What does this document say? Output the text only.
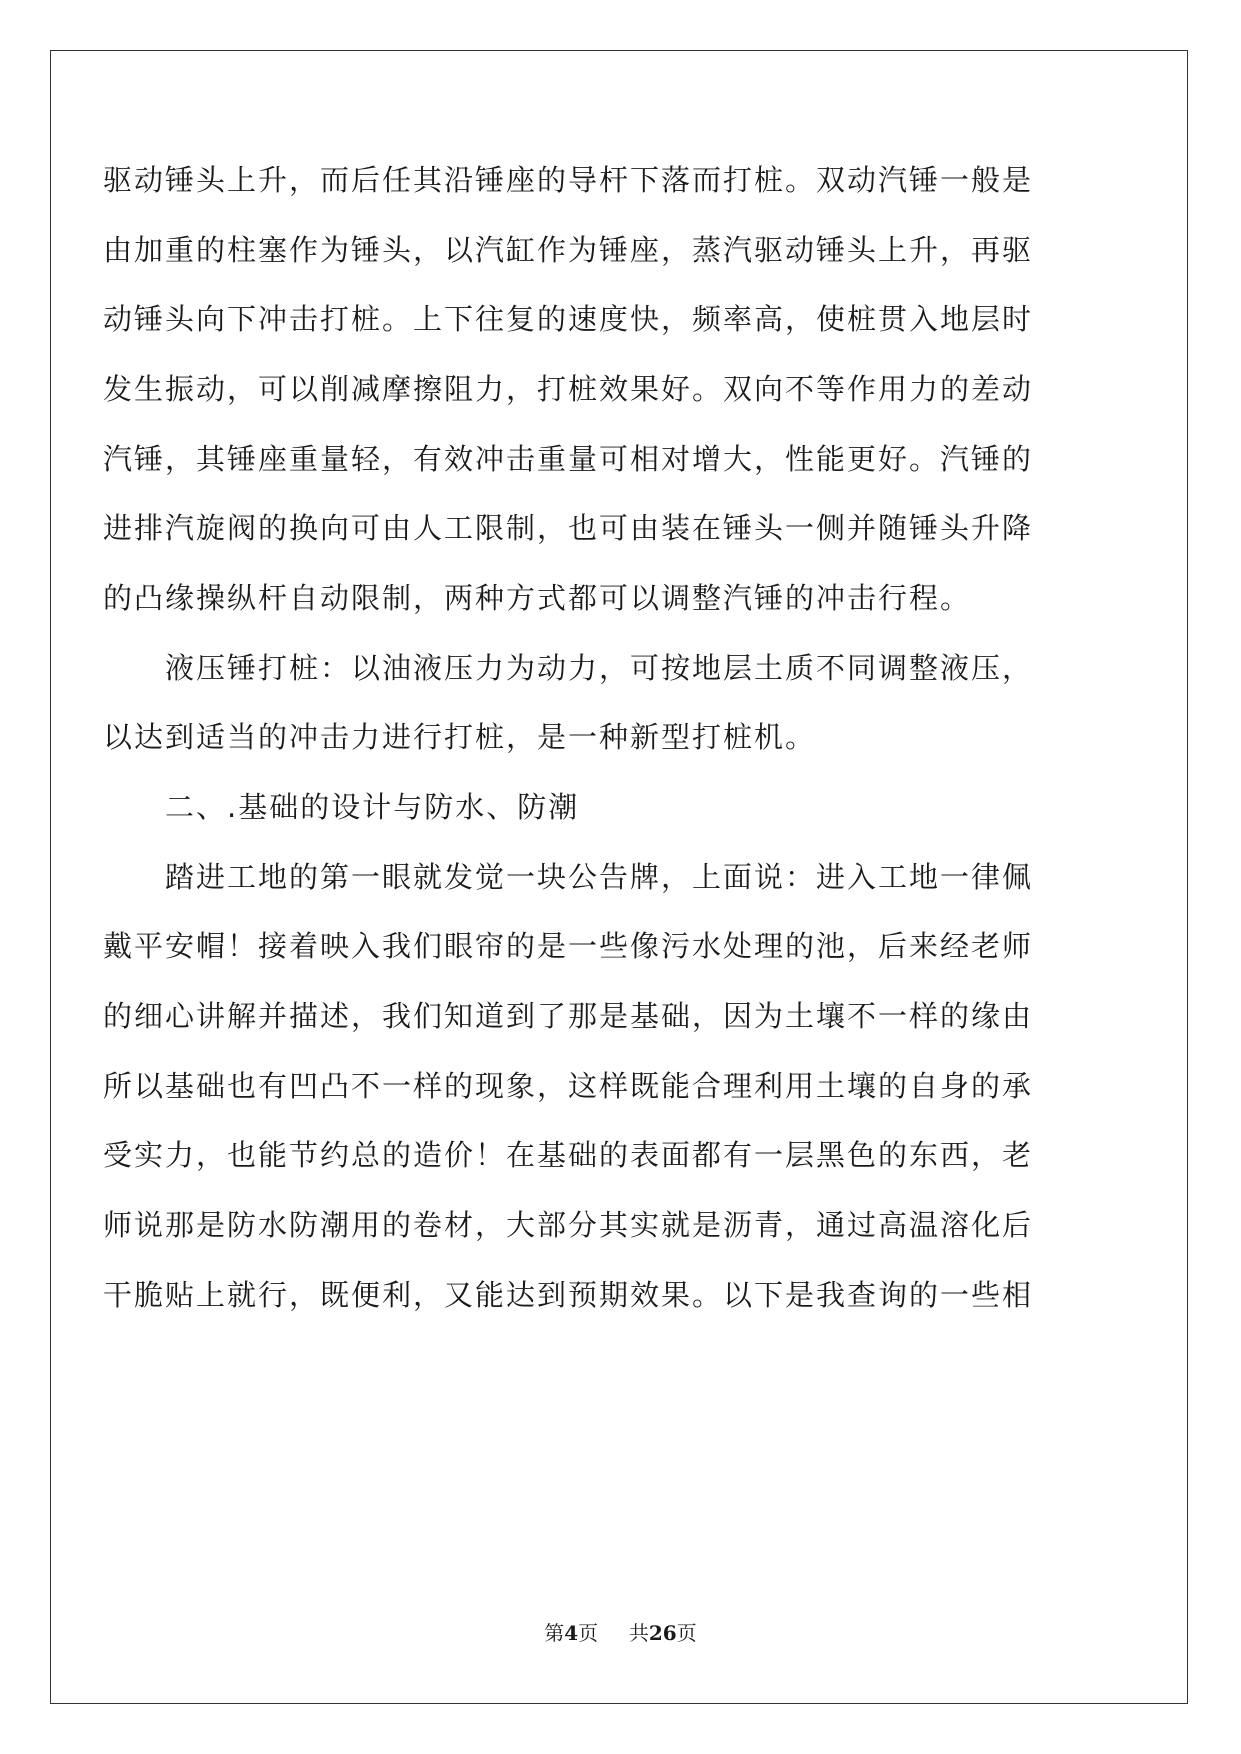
驱动锤头上升，而后任其沿锤座的导杆下落而打桩。双动汽锤一般是
由加重的柱塞作为锤头，以汽缸作为锤座，蒸汽驱动锤头上升，再驱
动锤头向下冲击打桩。上下往复的速度快，频率高，使桩贯入地层时
发生振动，可以削减摩擦阻力，打桩效果好。双向不等作用力的差动
汽锤，其锤座重量轻，有效冲击重量可相对增大，性能更好。汽锤的
进排汽旋阀的换向可由人工限制，也可由装在锤头一侧并随锤头升降
的凸缘操纵杆自动限制，两种方式都可以调整汽锤的冲击行程。
液压锤打桩：以油液压力为动力，可按地层土质不同调整液压，
以达到适当的冲击力进行打桩，是一种新型打桩机。
二、.基础的设计与防水、防潮
踏进工地的第一眼就发觉一块公告牌，上面说：进入工地一律佩
戴平安帽！接着映入我们眼帘的是一些像污水处理的池，后来经老师
的细心讲解并描述，我们知道到了那是基础，因为土壤不一样的缘由
所以基础也有凹凸不一样的现象，这样既能合理利用土壤的自身的承
受实力，也能节约总的造价！在基础的表面都有一层黑色的东西，老
师说那是防水防潮用的卷材，大部分其实就是沥青，通过高温溶化后
干脆贴上就行，既便利，又能达到预期效果。以下是我查询的一些相
第4页 共26页
